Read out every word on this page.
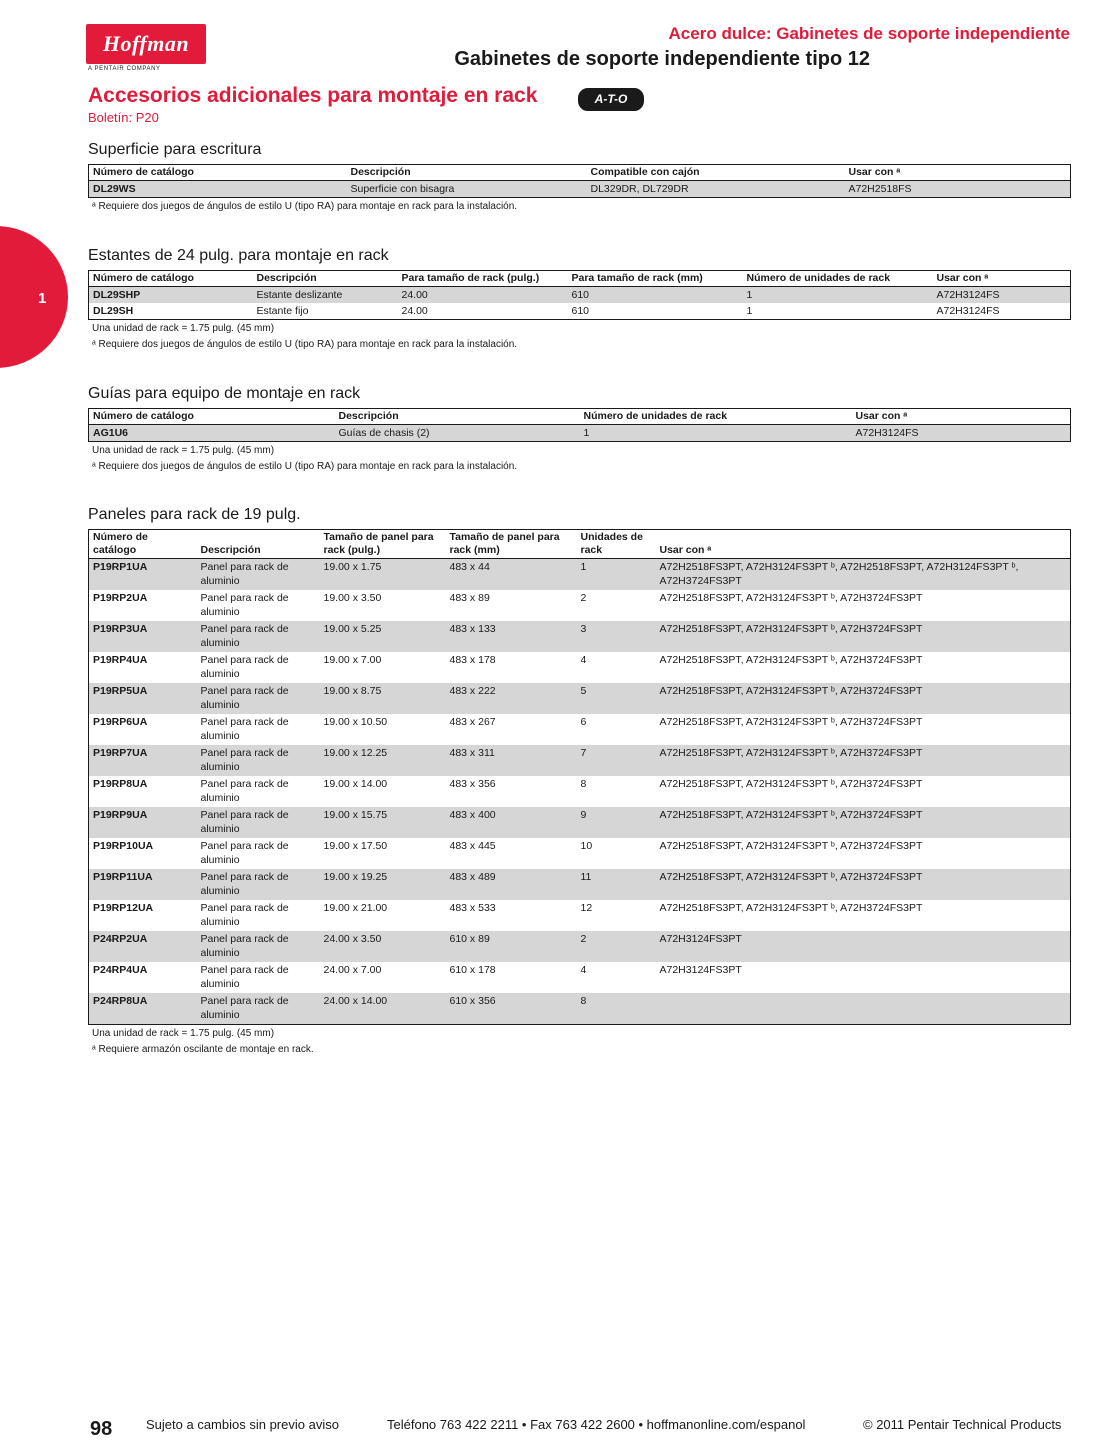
Hoffman
A PENTAIR COMPANY
Acero dulce: Gabinetes de soporte independiente
Gabinetes de soporte independiente tipo 12
Accesorios adicionales para montaje en rack	A-T-O
Boletín: P20
1
Superficie para escritura
Número de catálogo	Descripción	Compatible con cajón	Usar con ᵃ
DL29WS	Superficie con bisagra	DL329DR, DL729DR	A72H2518FS
ᵃ Requiere dos juegos de ángulos de estilo U (tipo RA) para montaje en rack para la instalación.
Estantes de 24 pulg. para montaje en rack
Número de catálogo	Descripción	Para tamaño de rack (pulg.)	Para tamaño de rack (mm)	Número de unidades de rack	Usar con ᵃ
DL29SHP	Estante deslizante	24.00	610	1	A72H3124FS
DL29SH	Estante fijo	24.00	610	1	A72H3124FS
Una unidad de rack = 1.75 pulg. (45 mm)
ᵃ Requiere dos juegos de ángulos de estilo U (tipo RA) para montaje en rack para la instalación.
Guías para equipo de montaje en rack
Número de catálogo	Descripción	Número de unidades de rack	Usar con ᵃ
AG1U6	Guías de chasis (2)	1	A72H3124FS
Una unidad de rack = 1.75 pulg. (45 mm)
ᵃ Requiere dos juegos de ángulos de estilo U (tipo RA) para montaje en rack para la instalación.
Paneles para rack de 19 pulg.
Número de catálogo	Descripción	Tamaño de panel para rack (pulg.)	Tamaño de panel para rack (mm)	Unidades de rack	Usar con ᵃ
P19RP1UA	Panel para rack de aluminio	19.00 x 1.75	483 x 44	1	A72H2518FS3PT, A72H3124FS3PT ᵇ, A72H2518FS3PT, A72H3124FS3PT ᵇ, A72H3724FS3PT
P19RP2UA	Panel para rack de aluminio	19.00 x 3.50	483 x 89	2	A72H2518FS3PT, A72H3124FS3PT ᵇ, A72H3724FS3PT
P19RP3UA	Panel para rack de aluminio	19.00 x 5.25	483 x 133	3	A72H2518FS3PT, A72H3124FS3PT ᵇ, A72H3724FS3PT
P19RP4UA	Panel para rack de aluminio	19.00 x 7.00	483 x 178	4	A72H2518FS3PT, A72H3124FS3PT ᵇ, A72H3724FS3PT
P19RP5UA	Panel para rack de aluminio	19.00 x 8.75	483 x 222	5	A72H2518FS3PT, A72H3124FS3PT ᵇ, A72H3724FS3PT
P19RP6UA	Panel para rack de aluminio	19.00 x 10.50	483 x 267	6	A72H2518FS3PT, A72H3124FS3PT ᵇ, A72H3724FS3PT
P19RP7UA	Panel para rack de aluminio	19.00 x 12.25	483 x 311	7	A72H2518FS3PT, A72H3124FS3PT ᵇ, A72H3724FS3PT
P19RP8UA	Panel para rack de aluminio	19.00 x 14.00	483 x 356	8	A72H2518FS3PT, A72H3124FS3PT ᵇ, A72H3724FS3PT
P19RP9UA	Panel para rack de aluminio	19.00 x 15.75	483 x 400	9	A72H2518FS3PT, A72H3124FS3PT ᵇ, A72H3724FS3PT
P19RP10UA	Panel para rack de aluminio	19.00 x 17.50	483 x 445	10	A72H2518FS3PT, A72H3124FS3PT ᵇ, A72H3724FS3PT
P19RP11UA	Panel para rack de aluminio	19.00 x 19.25	483 x 489	11	A72H2518FS3PT, A72H3124FS3PT ᵇ, A72H3724FS3PT
P19RP12UA	Panel para rack de aluminio	19.00 x 21.00	483 x 533	12	A72H2518FS3PT, A72H3124FS3PT ᵇ, A72H3724FS3PT
P24RP2UA	Panel para rack de aluminio	24.00 x 3.50	610 x 89	2	A72H3124FS3PT
P24RP4UA	Panel para rack de aluminio	24.00 x 7.00	610 x 178	4	A72H3124FS3PT
P24RP8UA	Panel para rack de aluminio	24.00 x 14.00	610 x 356	8	
Una unidad de rack = 1.75 pulg. (45 mm)
ᵃ Requiere armazón oscilante de montaje en rack.
98	Sujeto a cambios sin previo aviso	Teléfono 763 422 2211 • Fax 763 422 2600 • hoffmanonline.com/espanol	© 2011 Pentair Technical Products
